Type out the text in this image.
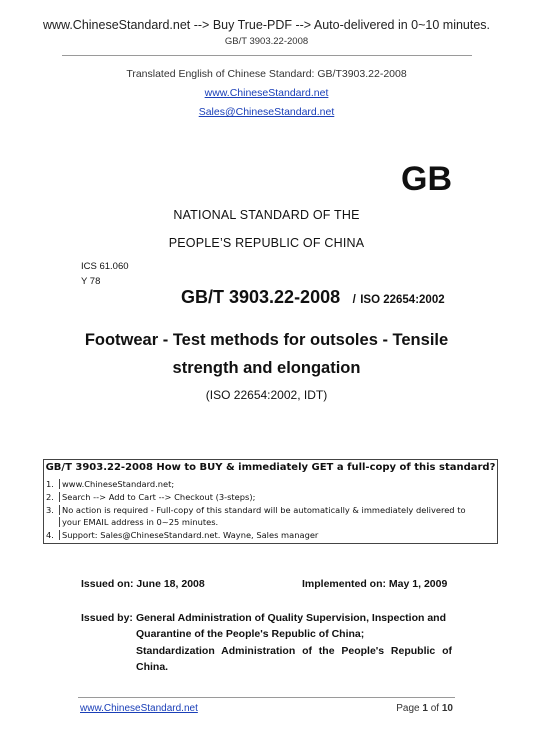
www.ChineseStandard.net --> Buy True-PDF --> Auto-delivered in 0~10 minutes.
GB/T 3903.22-2008
Translated English of Chinese Standard: GB/T3903.22-2008
www.ChineseStandard.net
Sales@ChineseStandard.net
GB
NATIONAL STANDARD OF THE
PEOPLE’S REPUBLIC OF CHINA
ICS 61.060
Y 78
GB/T 3903.22-2008 / ISO 22654:2002
Footwear - Test methods for outsoles - Tensile
strength and elongation
(ISO 22654:2002, IDT)
GB/T 3903.22-2008 How to BUY & immediately GET a full-copy of this standard?
1. www.ChineseStandard.net;
2. Search --> Add to Cart --> Checkout (3-steps);
3. No action is required - Full-copy of this standard will be automatically & immediately delivered to
your EMAIL address in 0~25 minutes.
4. Support: Sales@ChineseStandard.net. Wayne, Sales manager
Issued on: June 18, 2008	Implemented on: May 1, 2009
Issued by: General Administration of Quality Supervision, Inspection and
Quarantine of the People's Republic of China;
Standardization Administration of the People's Republic of
China.
www.ChineseStandard.net	Page 1 of 10
